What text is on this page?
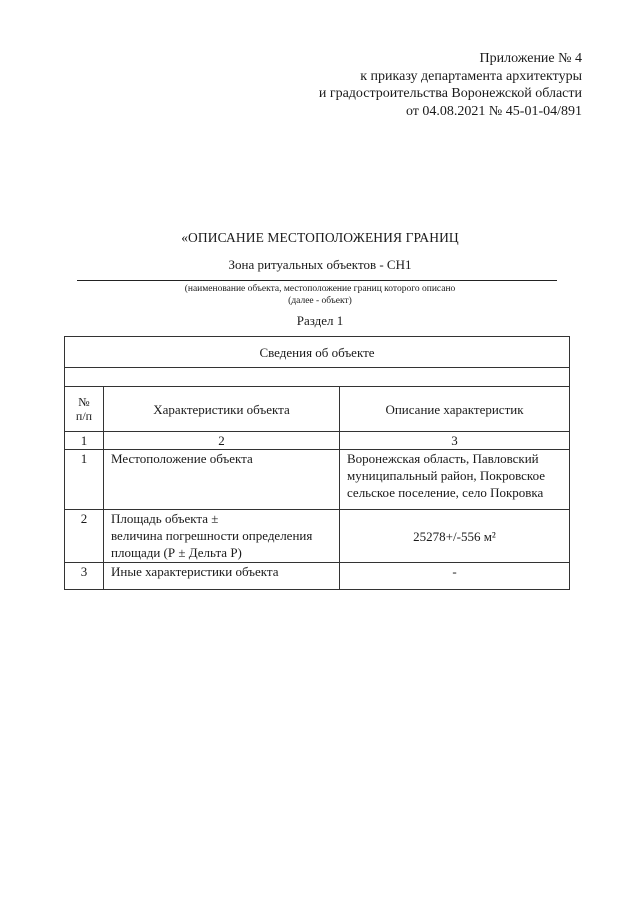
Приложение № 4
к приказу департамента архитектуры
и градостроительства Воронежской области
от 04.08.2021 № 45-01-04/891
«ОПИСАНИЕ МЕСТОПОЛОЖЕНИЯ ГРАНИЦ
Зона ритуальных объектов - СН1
(наименование объекта, местоположение границ которого описано
(далее - объект)
Раздел 1
Сведения об объекте		

№
п/п	Характеристики объекта	Описание характеристик
1	2	3
1	Местоположение объекта	Воронежская область, Павловский
муниципальный район, Покровское
сельское поселение, село Покровка

2	Площадь объекта ±
величина погрешности определения
площади (Р ± Дельта Р)	25278+/-556 м²
3	Иные характеристики объекта	-
